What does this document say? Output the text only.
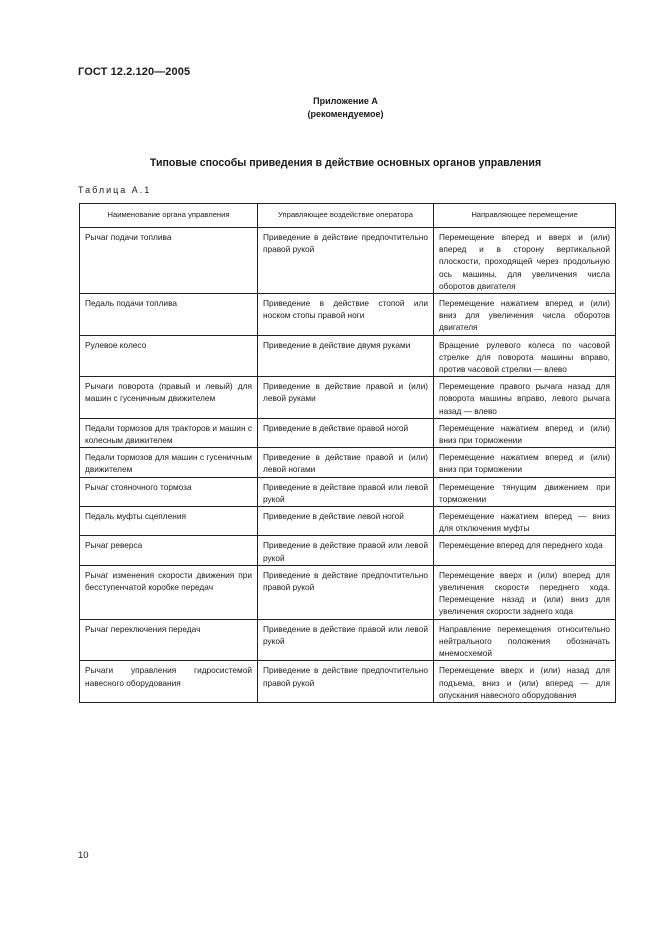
ГОСТ 12.2.120—2005
Приложение А
(рекомендуемое)
Типовые способы приведения в действие основных органов управления
Таблица А.1
Наименование органа управления	Управляющее воздействие оператора	Направляющее перемещение
Рычаг подачи топлива	Приведение в действие предпочтительно правой рукой	Перемещение вперед и вверх и (или) вперед и в сторону вертикальной плоскости, проходящей через продольную ось машины, для увеличения числа оборотов двигателя
Педаль подачи топлива	Приведение в действие стопой или носком стопы правой ноги	Перемещение нажатием вперед и (или) вниз для увеличения числа оборотов двигателя
Рулевое колесо	Приведение в действие двумя руками	Вращение рулевого колеса по часовой стрелке для поворота машины вправо, против часовой стрелки — влево
Рычаги поворота (правый и левый) для машин с гусеничным движителем	Приведение в действие правой и (или) левой руками	Перемещение правого рычага назад для поворота машины вправо, левого рычага назад — влево
Педали тормозов для тракторов и машин с колесным движителем	Приведение в действие правой ногой	Перемещение нажатием вперед и (или) вниз при торможении
Педали тормозов для машин с гусеничным движителем	Приведение в действие правой и (или) левой ногами	Перемещение нажатием вперед и (или) вниз при торможении
Рычаг стояночного тормоза	Приведение в действие правой или левой рукой	Перемещение тянущим движением при торможении
Педаль муфты сцепления	Приведение в действие левой ногой	Перемещение нажатием вперед — вниз для отключения муфты
Рычаг реверса	Приведение в действие правой или левой рукой	Перемещение вперед для переднего хода
Рычаг изменения скорости движения при бесступенчатой коробке передач	Приведение в действие предпочтительно правой рукой	Перемещение вверх и (или) вперед для увеличения скорости переднего хода. Перемещение назад и (или) вниз для увеличения скорости заднего хода
Рычаг переключения передач	Приведение в действие правой или левой рукой	Направление перемещения относительно нейтрального положения обозначать мнемосхемой
Рычаги управления гидросистемой навесного оборудования	Приведение в действие предпочтительно правой рукой	Перемещение вверх и (или) назад для подъема, вниз и (или) вперед — для опускания навесного оборудования
10
